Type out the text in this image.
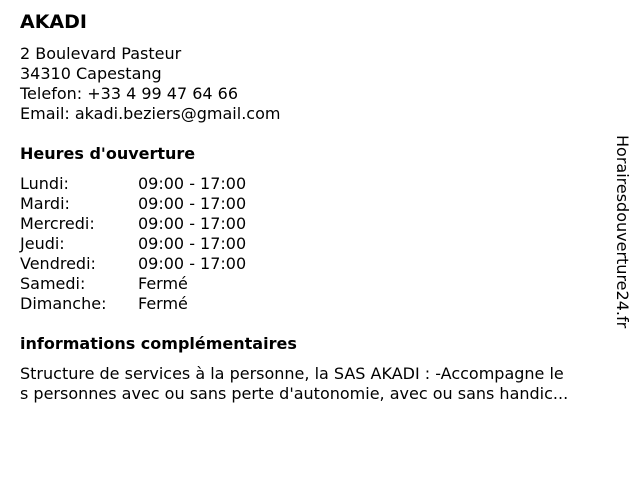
AKADI
2 Boulevard Pasteur
34310 Capestang
Telefon: +33 4 99 47 64 66
Email: akadi.beziers@gmail.com
Heures d'ouverture
Lundi:	09:00 - 17:00
Mardi:	09:00 - 17:00
Mercredi:	09:00 - 17:00
Jeudi:	09:00 - 17:00
Vendredi:	09:00 - 17:00
Samedi:	Fermé
Dimanche: Fermé
informations complémentaires
Structure de services à la personne, la SAS AKADI : -Accompagne le
s personnes avec ou sans perte d'autonomie, avec ou sans handic...
Horairesdouverture24.fr
